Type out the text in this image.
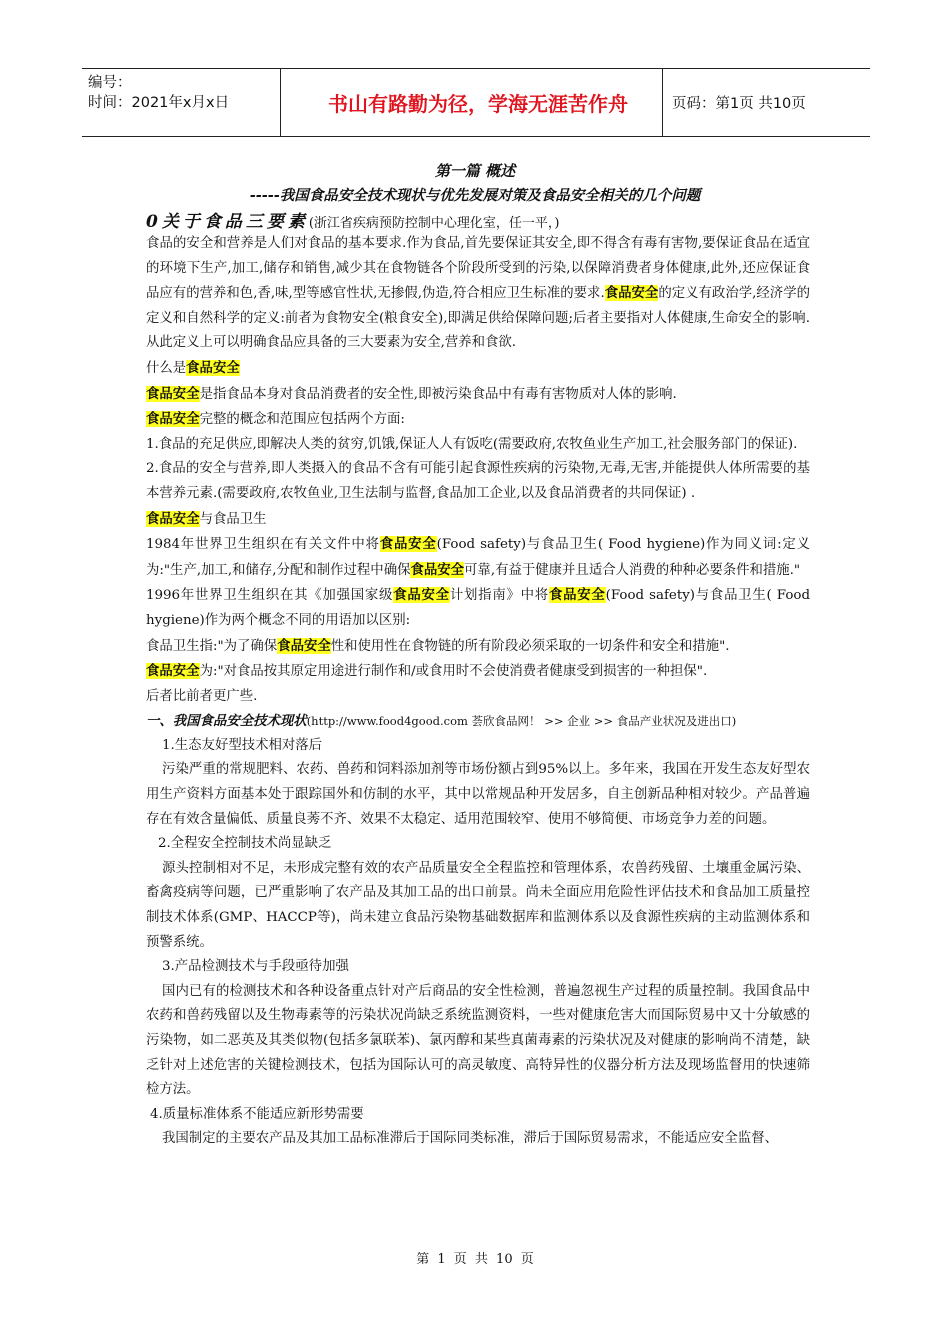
编号：
时间：2021年x月x日	书山有路勤为径，学海无涯苦作舟	页码：第1页 共10页
第一篇 概述
-----我国食品安全技术现状与优先发展对策及食品安全相关的几个问题
0关于食品三要素(浙江省疾病预防控制中心理化室，任一平，)

食品的安全和营养是人们对食品的基本要求.作为食品,首先要保证其安全,即不得含有毒有害物,要保证食品在适宜的环境下生产,加工,储存和销售,减少其在食物链各个阶段所受到的污染,以保障消费者身体健康,此外,还应保证食品应有的营养和色,香,味,型等感官性状,无掺假,伪造,符合相应卫生标准的要求.食品安全的定义有政治学,经济学的定义和自然科学的定义:前者为食物安全(粮食安全),即满足供给保障问题;后者主要指对人体健康,生命安全的影响.从此定义上可以明确食品应具备的三大要素为安全,营养和食欲.

什么是食品安全

食品安全是指食品本身对食品消费者的安全性,即被污染食品中有毒有害物质对人体的影响.

食品安全完整的概念和范围应包括两个方面:

1.食品的充足供应,即解决人类的贫穷,饥饿,保证人人有饭吃(需要政府,农牧鱼业生产加工,社会服务部门的保证).

2.食品的安全与营养,即人类摄入的食品不含有可能引起食源性疾病的污染物,无毒,无害,并能提供人体所需要的基本营养元素.(需要政府,农牧鱼业,卫生法制与监督,食品加工企业,以及食品消费者的共同保证) .

食品安全与食品卫生

1984年世界卫生组织在有关文件中将食品安全(Food safety)与食品卫生( Food hygiene)作为同义词:定义为:"生产,加工,和储存,分配和制作过程中确保食品安全可靠,有益于健康并且适合人消费的种种必要条件和措施."

1996年世界卫生组织在其《加强国家级食品安全计划指南》中将食品安全(Food safety)与食品卫生( Food hygiene)作为两个概念不同的用语加以区别:

食品卫生指:"为了确保食品安全性和使用性在食物链的所有阶段必须采取的一切条件和安全和措施".

食品安全为:"对食品按其原定用途进行制作和/或食用时不会使消费者健康受到损害的一种担保".

后者比前者更广些.

一、我国食品安全技术现状(http://www.food4good.com 荟欣食品网！ >> 企业 >> 食品产业状况及进出口)

1.生态友好型技术相对落后

污染严重的常规肥料、农药、兽药和饲料添加剂等市场份额占到95%以上。多年来，我国在开发生态友好型农用生产资料方面基本处于跟踪国外和仿制的水平，其中以常规品种开发居多，自主创新品种相对较少。产品普遍存在有效含量偏低、质量良莠不齐、效果不太稳定、适用范围较窄、使用不够简便、市场竞争力差的问题。

2.全程安全控制技术尚显缺乏

源头控制相对不足，未形成完整有效的农产品质量安全全程监控和管理体系，农兽药残留、土壤重金属污染、畜禽疫病等问题，已严重影响了农产品及其加工品的出口前景。尚未全面应用危险性评估技术和食品加工质量控制技术体系(GMP、HACCP等)，尚未建立食品污染物基础数据库和监测体系以及食源性疾病的主动监测体系和预警系统。

3.产品检测技术与手段亟待加强

国内已有的检测技术和各种设备重点针对产后商品的安全性检测，普遍忽视生产过程的质量控制。我国食品中农药和兽药残留以及生物毒素等的污染状况尚缺乏系统监测资料，一些对健康危害大而国际贸易中又十分敏感的污染物，如二恶英及其类似物(包括多氯联苯)、氯丙醇和某些真菌毒素的污染状况及对健康的影响尚不清楚，缺乏针对上述危害的关键检测技术，包括为国际认可的高灵敏度、高特异性的仪器分析方法及现场监督用的快速筛检方法。

4.质量标准体系不能适应新形势需要

我国制定的主要农产品及其加工品标准滞后于国际同类标准，滞后于国际贸易需求，不能适应安全监督、

第 1 页 共 10 页
